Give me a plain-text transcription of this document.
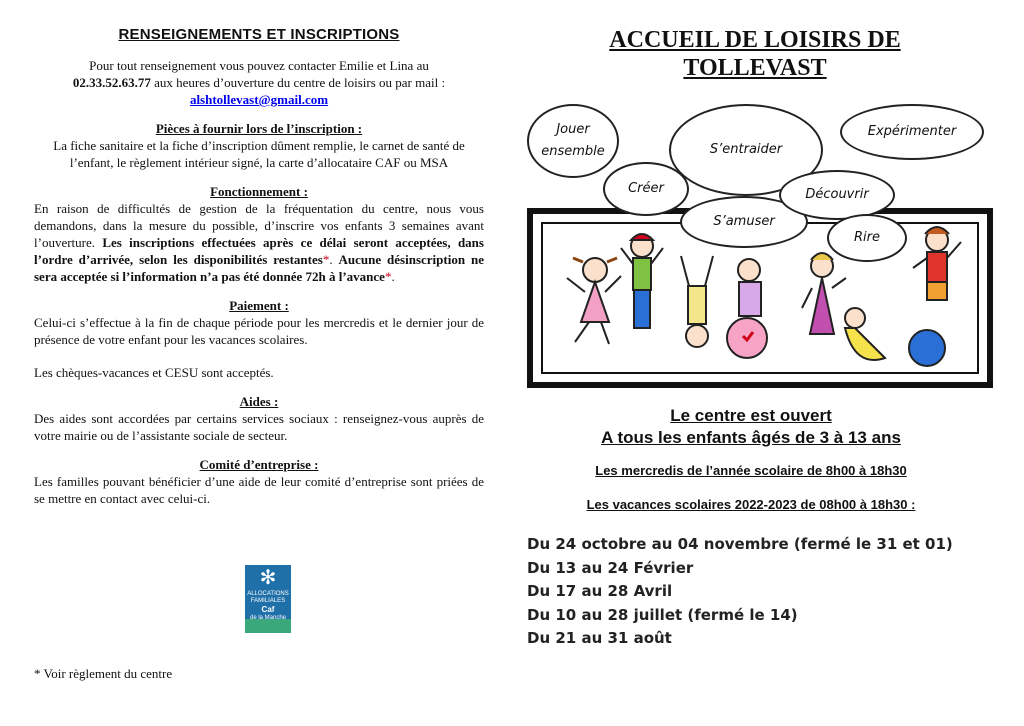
RENSEIGNEMENTS ET INSCRIPTIONS
Pour tout renseignement vous pouvez contacter Emilie et Lina au
02.33.52.63.77 aux heures d’ouverture du centre de loisirs ou par mail :
alshtollevast@gmail.com
Pièces à fournir lors de l’inscription :
La fiche sanitaire et la fiche d’inscription dûment remplie, le carnet de santé de l’enfant, le règlement intérieur signé, la carte d’allocataire CAF ou MSA
Fonctionnement :
En raison de difficultés de gestion de la fréquentation du centre, nous vous demandons, dans la mesure du possible, d’inscrire vos enfants 3 semaines avant l’ouverture. Les inscriptions effectuées après ce délai seront acceptées, dans l’ordre d’arrivée, selon les disponibilités restantes*. Aucune désinscription ne sera acceptée si l’information n’a pas été donnée 72h à l’avance*.
Paiement :
Celui-ci s’effectue à la fin de chaque période pour les mercredis et le dernier jour de présence de votre enfant pour les vacances scolaires.
Les chèques-vacances et CESU sont acceptés.
Aides :
Des aides sont accordées par certains services sociaux : renseignez-vous auprès de votre mairie ou de l’assistante sociale de secteur.
Comité d’entreprise :
Les familles pouvant bénéficier d’une aide de leur comité d’entreprise sont priées de se mettre en contact avec celui-ci.
✻
ALLOCATIONS
FAMILIALES
Caf
de la Manche
* Voir règlement du centre
ACCUEIL DE LOISIRS DE
TOLLEVAST
Jouer ensemble
Créer
S’entraider
S’amuser
Découvrir
Rire
Expérimenter
Le centre est ouvert
A tous les enfants âgés de 3 à 13 ans
Les mercredis de l’année scolaire de 8h00 à 18h30
Les vacances scolaires 2022-2023 de 08h00 à 18h30 :
Du 24 octobre au 04 novembre (fermé le 31 et 01)
Du 13 au 24 Février
Du 17 au 28 Avril
Du 10 au 28 juillet (fermé le 14)
Du 21 au 31 août
